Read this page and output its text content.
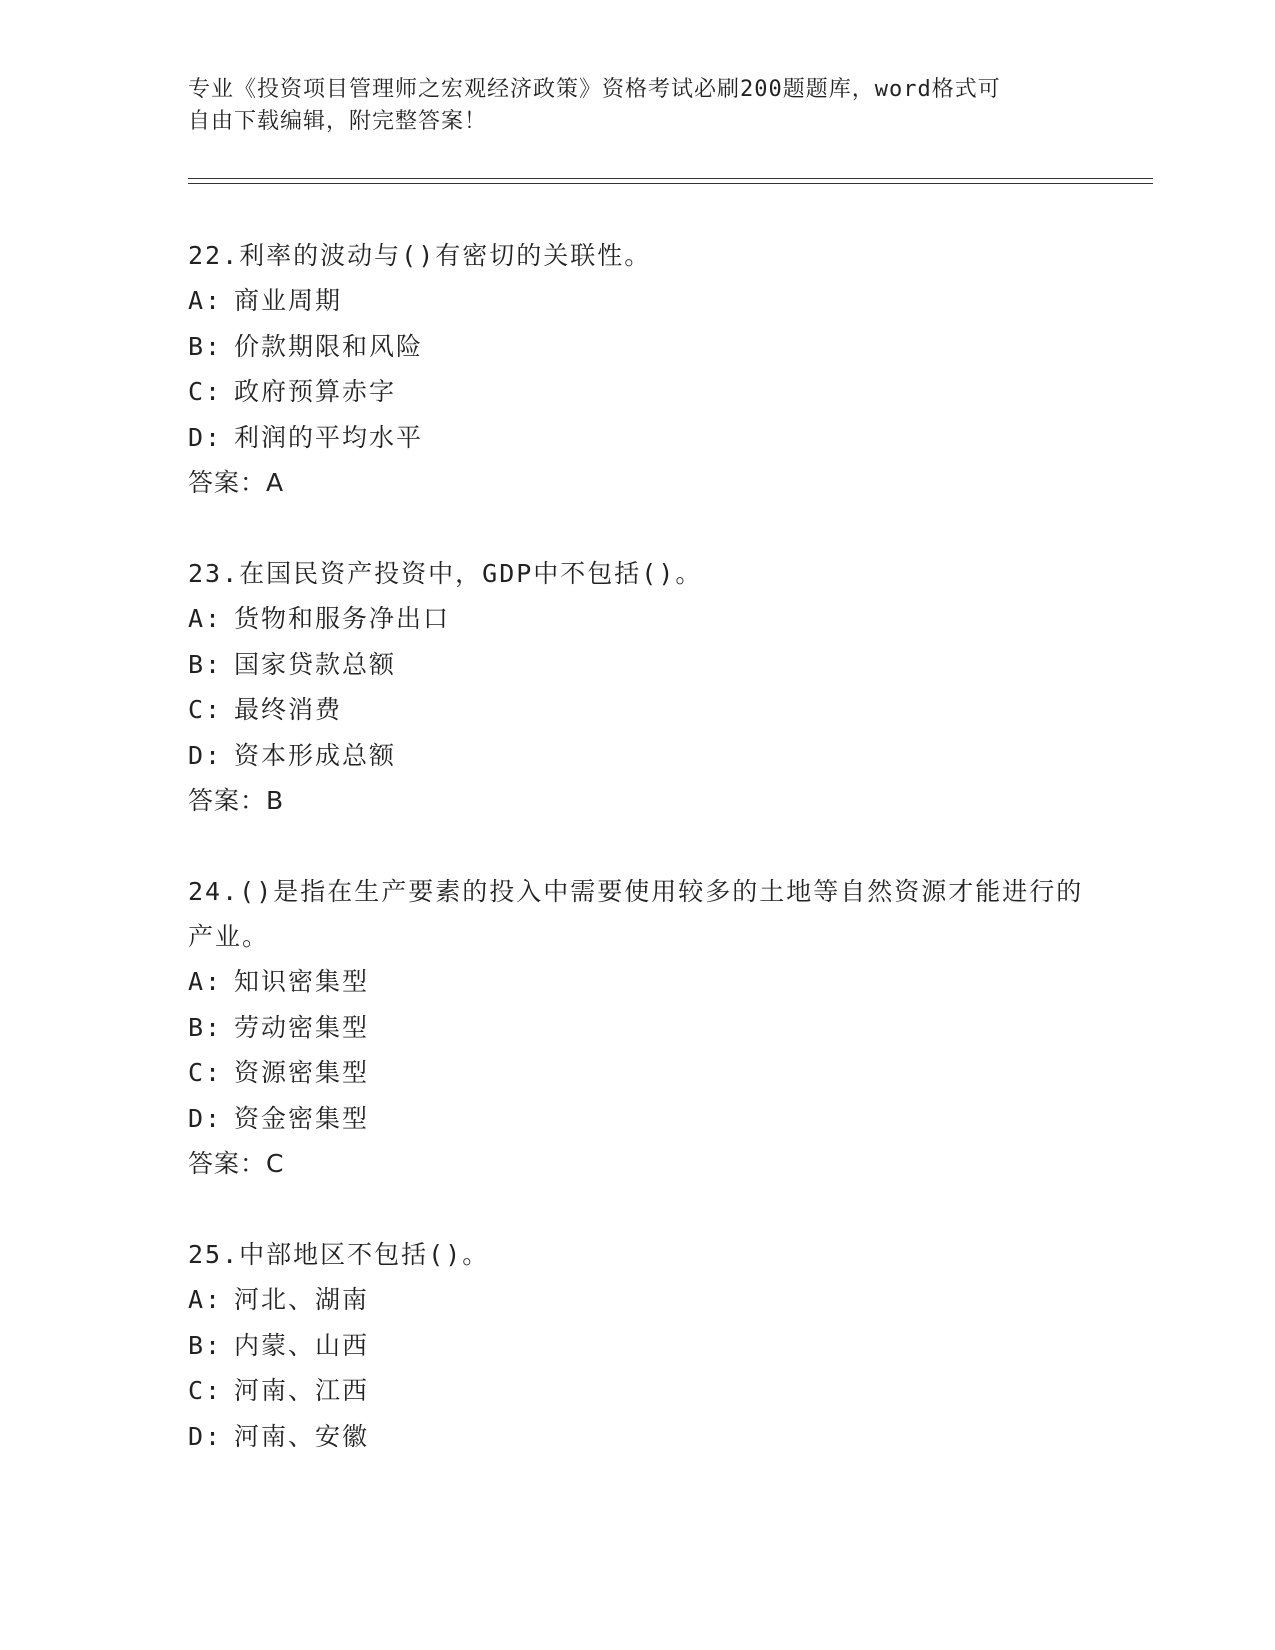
专业《投资项目管理师之宏观经济政策》资格考试必刷200题题库，word格式可
自由下载编辑，附完整答案！

22.利率的波动与()有密切的关联性。

A: 商业周期

B: 价款期限和风险

C: 政府预算赤字

D: 利润的平均水平

答案：A

23.在国民资产投资中，GDP中不包括()。

A: 货物和服务净出口

B: 国家贷款总额

C: 最终消费

D: 资本形成总额

答案：B

24.()是指在生产要素的投入中需要使用较多的土地等自然资源才能进行的产业。

A: 知识密集型

B: 劳动密集型

C: 资源密集型

D: 资金密集型

答案：C

25.中部地区不包括()。

A: 河北、湖南

B: 内蒙、山西

C: 河南、江西

D: 河南、安徽
